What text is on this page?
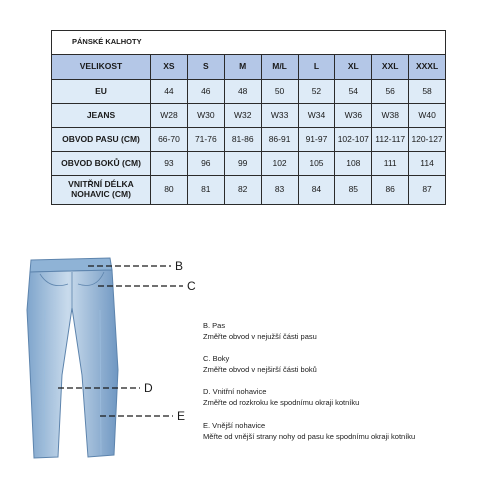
PÁNSKÉ KALHOTY								
VELIKOST	XS	S	M	M/L	L	XL	XXL	XXXL
EU	44	46	48	50	52	54	56	58
JEANS	W28	W30	W32	W33	W34	W36	W38	W40
OBVOD PASU (CM)	66-70	71-76	81-86	86-91	91-97	102-107	112-117	120-127
OBVOD BOKŮ (CM)	93	96	99	102	105	108	111	114
VNITŘNÍ DÉLKA
NOHAVIC (CM)	80	81	82	83	84	85	86	87
B
C
D
E
B. Pas
Změřte obvod v nejužší části pasu
C. Boky
Změřte obvod v nejširší části boků
D. Vnitřní nohavice
Změřte od rozkroku ke spodnímu okraji kotníku
E. Vnější nohavice
Měřte od vnější strany nohy od pasu ke spodnímu okraji kotníku
